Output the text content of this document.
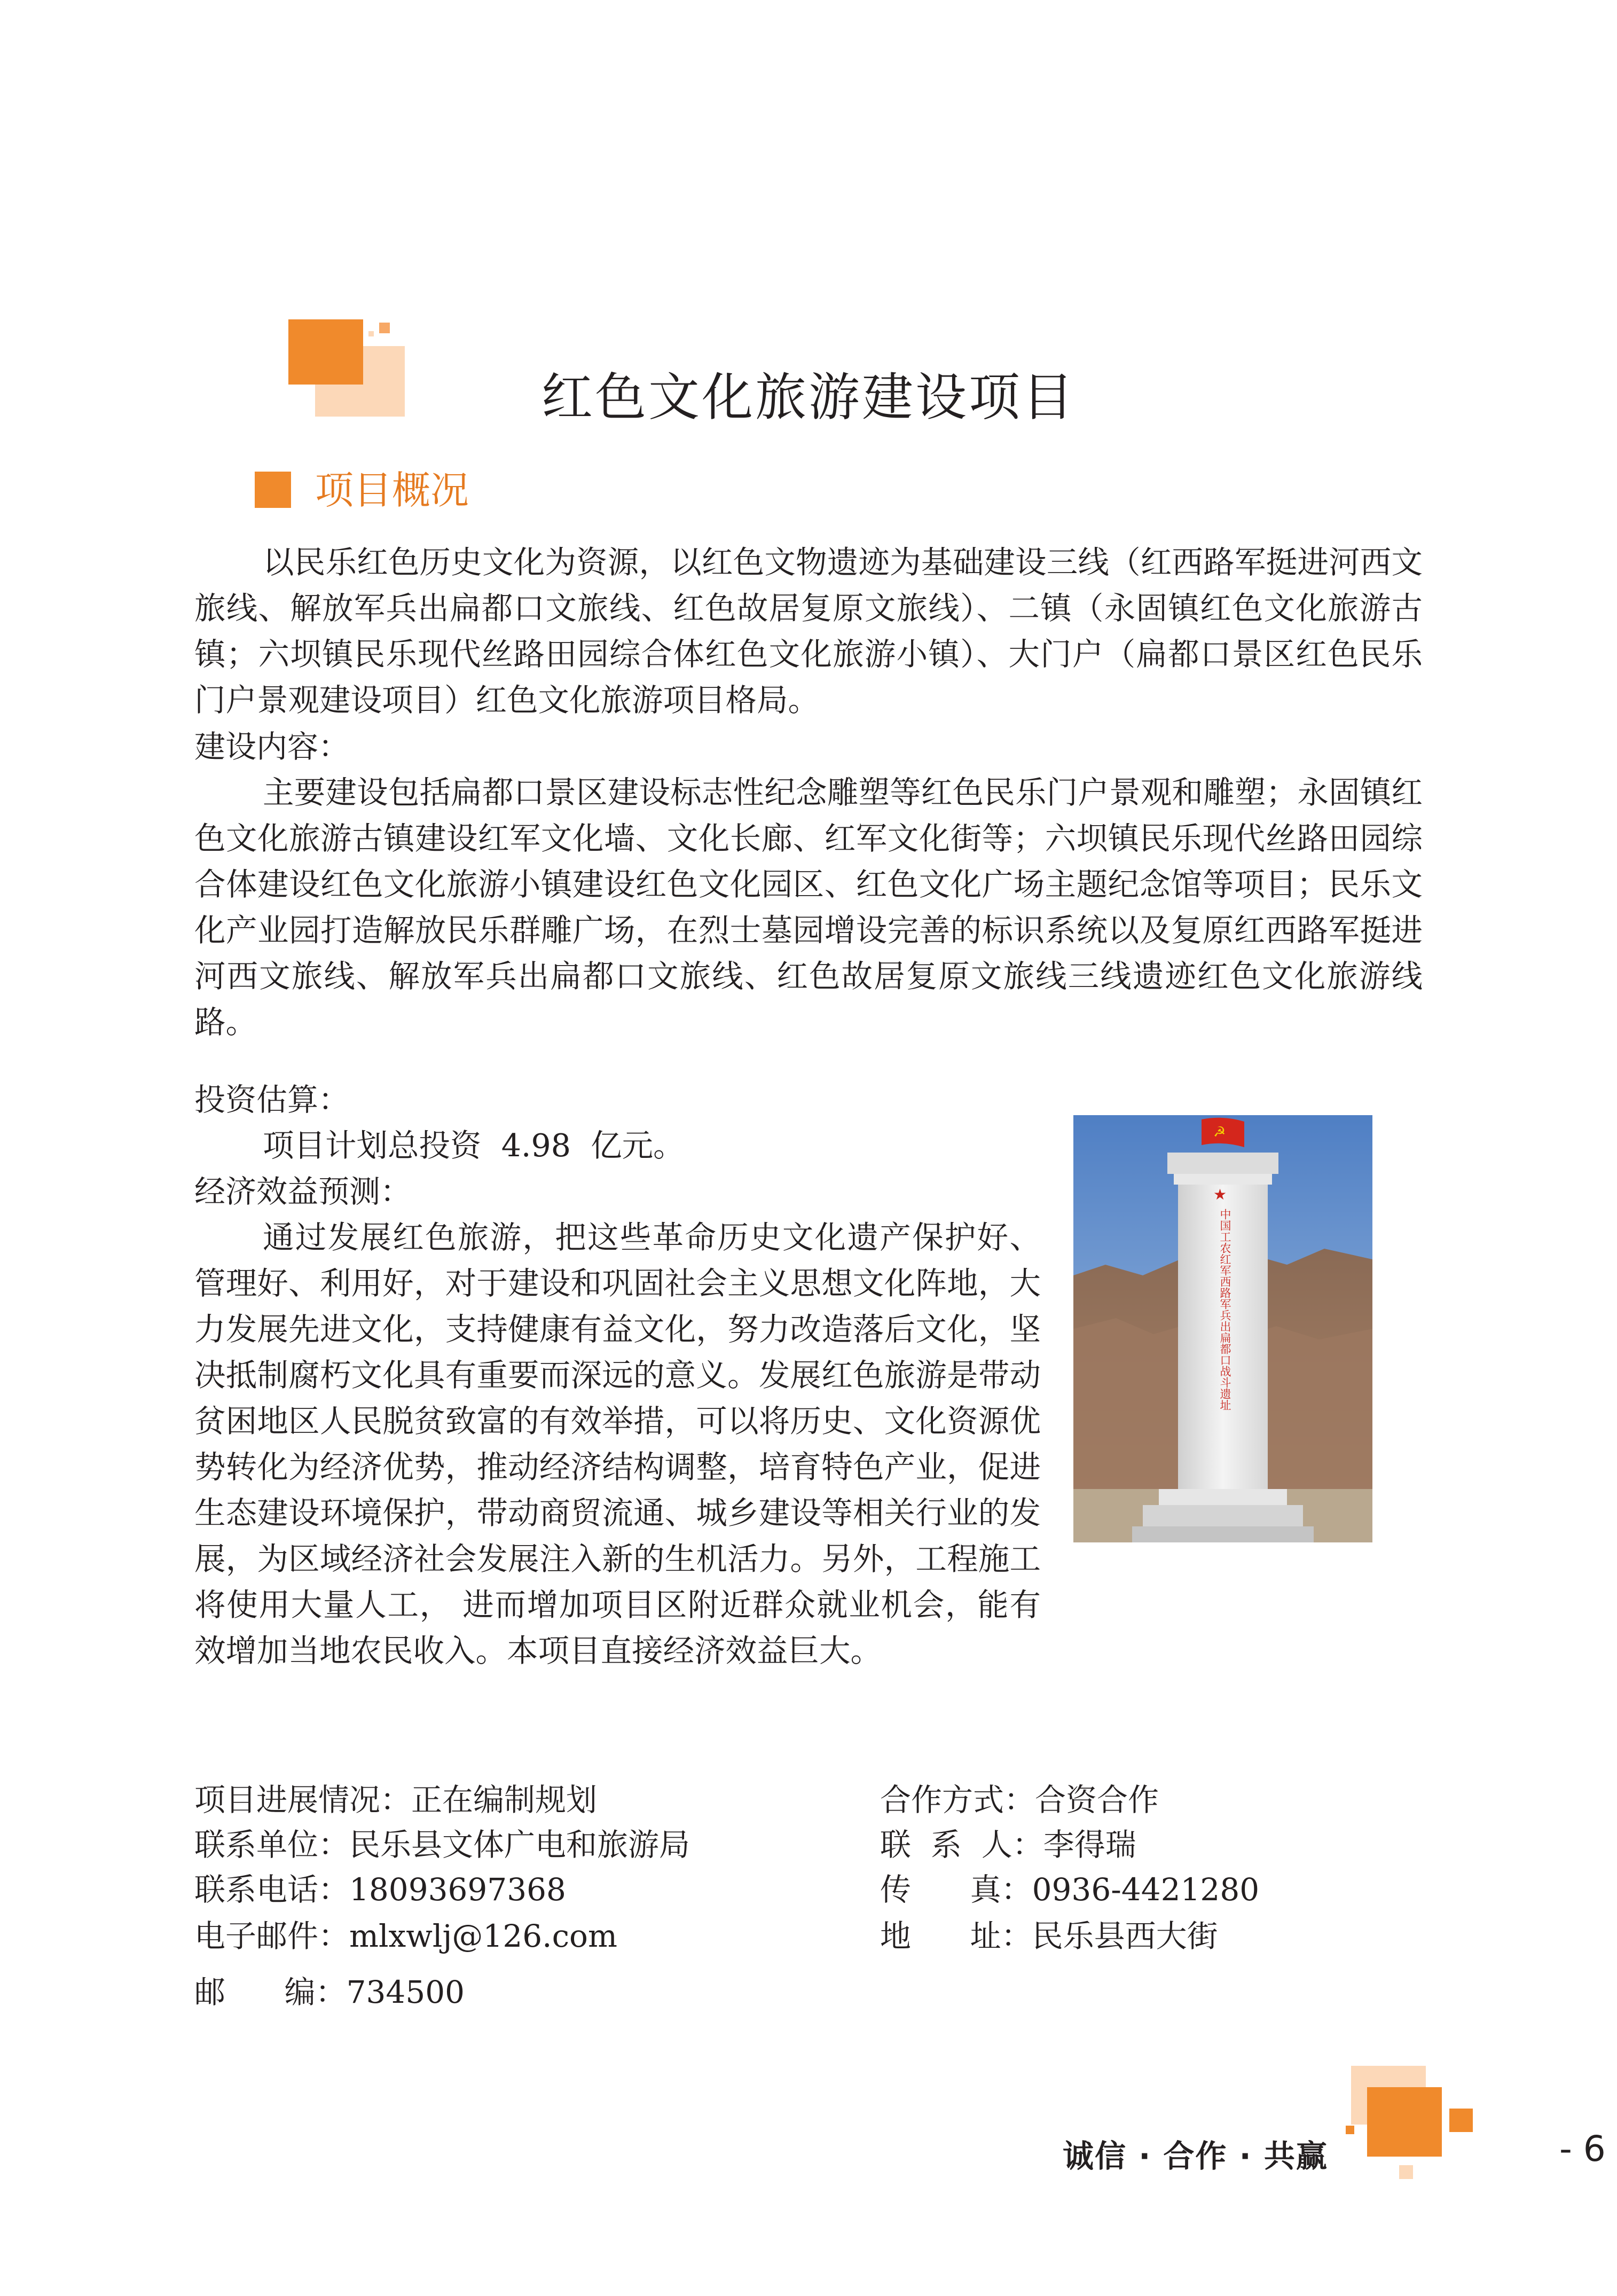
红色文化旅游建设项目
项目概况
以民乐红色历史文化为资源，以红色文物遗迹为基础建设三线（红西路军挺进河西文旅线、解放军兵出扁都口文旅线、红色故居复原文旅线）、二镇（永固镇红色文化旅游古镇；六坝镇民乐现代丝路田园综合体红色文化旅游小镇）、大门户（扁都口景区红色民乐门户景观建设项目）红色文化旅游项目格局。
建设内容：
主要建设包括扁都口景区建设标志性纪念雕塑等红色民乐门户景观和雕塑；永固镇红色文化旅游古镇建设红军文化墙、文化长廊、红军文化街等；六坝镇民乐现代丝路田园综合体建设红色文化旅游小镇建设红色文化园区、红色文化广场主题纪念馆等项目；民乐文化产业园打造解放民乐群雕广场，在烈士墓园增设完善的标识系统以及复原红西路军挺进河西文旅线、解放军兵出扁都口文旅线、红色故居复原文旅线三线遗迹红色文化旅游线路。
投资估算：
项目计划总投资  4.98  亿元。
经济效益预测：
通过发展红色旅游，把这些革命历史文化遗产保护好、管理好、利用好，对于建设和巩固社会主义思想文化阵地，大力发展先进文化，支持健康有益文化，努力改造落后文化，坚决抵制腐朽文化具有重要而深远的意义。发展红色旅游是带动贫困地区人民脱贫致富的有效举措，可以将历史、文化资源优势转化为经济优势，推动经济结构调整，培育特色产业，促进生态建设环境保护，带动商贸流通、城乡建设等相关行业的发展，为区域经济社会发展注入新的生机活力。另外，工程施工将使用大量人工， 进而增加项目区附近群众就业机会，能有效增加当地农民收入。本项目直接经济效益巨大。
☭
★
中国工农红军西路军兵出扁都口战斗遗址
项目进展情况：正在编制规划	合作方式：合资合作
联系单位：民乐县文体广电和旅游局	联  系  人：李得瑞
联系电话：18093697368	传      真：0936-4421280
电子邮件：mlxwlj@126.com	地      址：民乐县西大街
邮      编：734500
诚信 · 合作 · 共赢	- 6
